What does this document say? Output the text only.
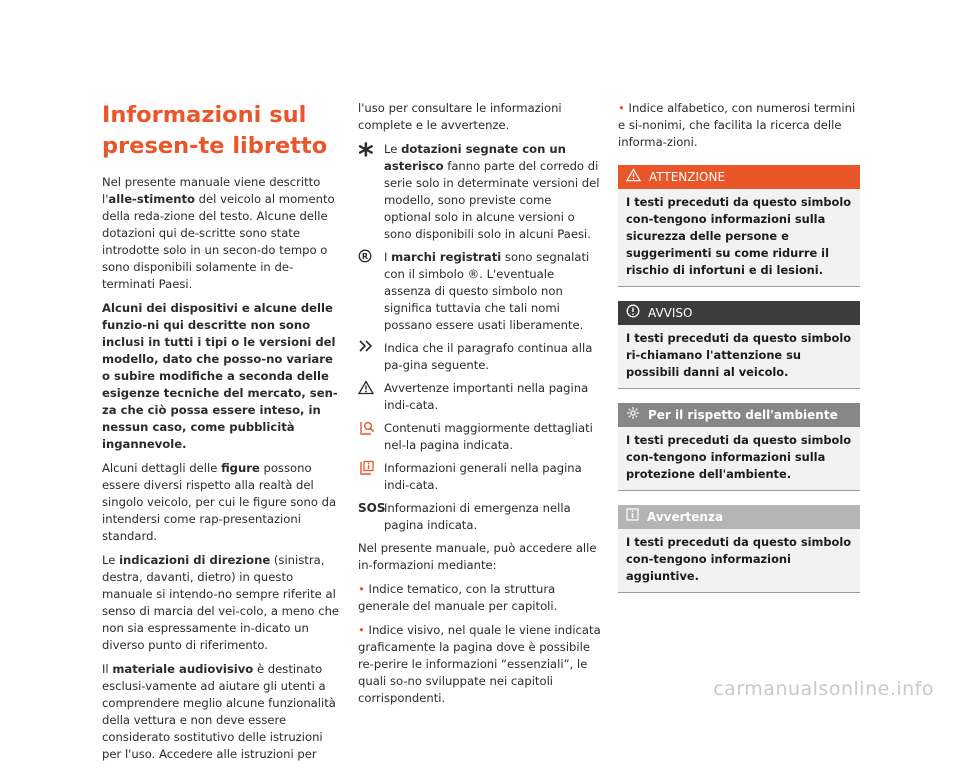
Informazioni sul presen-te libretto

Nel presente manuale viene descritto l'alle-stimento del veicolo al momento della reda-zione del testo. Alcune delle dotazioni qui de-scritte sono state introdotte solo in un secon-do tempo o sono disponibili solamente in de-terminati Paesi.

Alcuni dei dispositivi e alcune delle funzio-ni qui descritte non sono inclusi in tutti i tipi o le versioni del modello, dato che posso-no variare o subire modifiche a seconda delle esigenze tecniche del mercato, sen-za che ciò possa essere inteso, in nessun caso, come pubblicità ingannevole.

Alcuni dettagli delle figure possono essere diversi rispetto alla realtà del singolo veicolo, per cui le figure sono da intendersi come rap-presentazioni standard.

Le indicazioni di direzione (sinistra, destra, davanti, dietro) in questo manuale si intendo-no sempre riferite al senso di marcia del vei-colo, a meno che non sia espressamente in-dicato un diverso punto di riferimento.

Il materiale audiovisivo è destinato esclusi-vamente ad aiutare gli utenti a comprendere meglio alcune funzionalità della vettura e non deve essere considerato sostitutivo delle istruzioni per l'uso. Accedere alle istruzioni per

l'uso per consultare le informazioni complete e le avvertenze.

* Le dotazioni segnate con un asterisco fanno parte del corredo di serie solo in determinate versioni del modello, sono previste come optional solo in alcune versioni o sono disponibili solo in alcuni Paesi.
R I marchi registrati sono segnalati con il simbolo ®. L'eventuale assenza di questo simbolo non significa tuttavia che tali nomi possano essere usati liberamente.
Indica che il paragrafo continua alla pa-gina seguente.
Avvertenze importanti nella pagina indi-cata.
Contenuti maggiormente dettagliati nel-la pagina indicata.
Informazioni generali nella pagina indi-cata.
SOS
Informazioni di emergenza nella pagina indicata.

Nel presente manuale, può accedere alle in-formazioni mediante:

• Indice tematico, con la struttura generale del manuale per capitoli.

• Indice visivo, nel quale le viene indicata graficamente la pagina dove è possibile re-perire le informazioni “essenziali”, le quali so-no sviluppate nei capitoli corrispondenti.

• Indice alfabetico, con numerosi termini e si-nonimi, che facilita la ricerca delle informa-zioni.

ATTENZIONE
I testi preceduti da questo simbolo con-tengono informazioni sulla sicurezza delle persone e suggerimenti su come ridurre il rischio di infortuni e di lesioni.
AVVISO
I testi preceduti da questo simbolo ri-chiamano l'attenzione su possibili danni al veicolo.
Per il rispetto dell'ambiente
I testi preceduti da questo simbolo con-tengono informazioni sulla protezione dell'ambiente.
Avvertenza
I testi preceduti da questo simbolo con-tengono informazioni aggiuntive.
carmanualsonline.info
